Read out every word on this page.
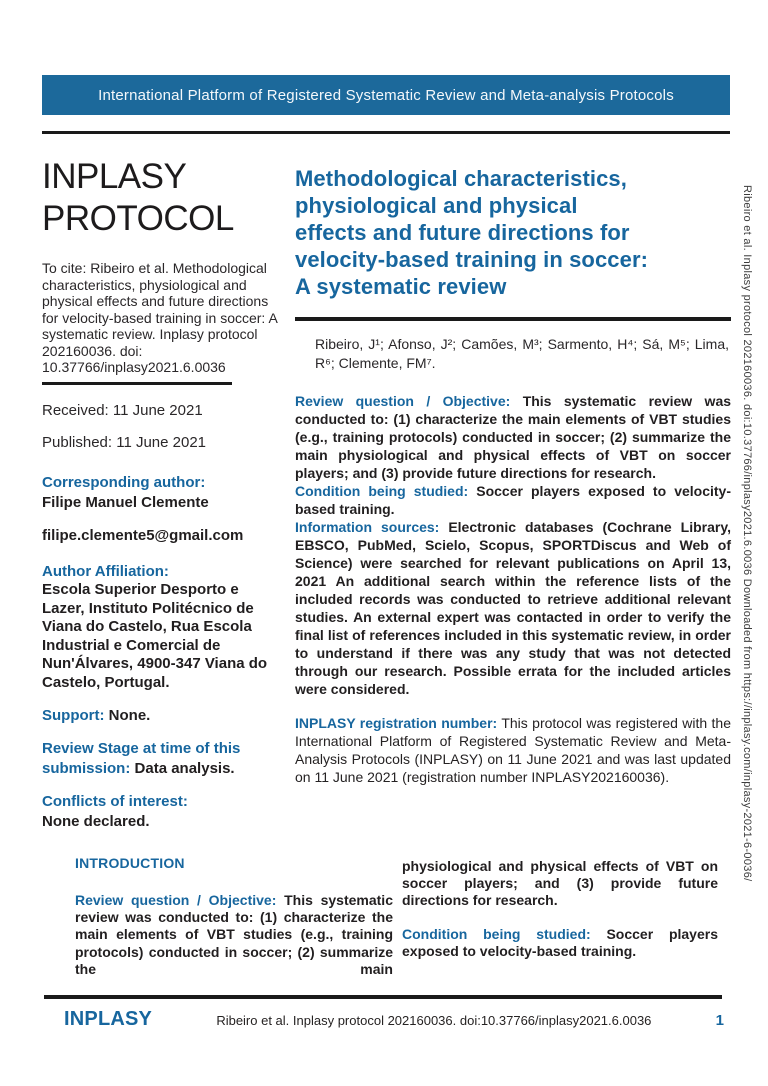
International Platform of Registered Systematic Review and Meta-analysis Protocols
INPLASY
PROTOCOL

To cite: Ribeiro et al. Methodological characteristics, physiological and physical effects and future directions for velocity-based training in soccer: A systematic review. Inplasy protocol 202160036. doi: 10.37766/inplasy2021.6.0036

Received: 11 June 2021

Published: 11 June 2021

Corresponding author:
Filipe Manuel Clemente

filipe.clemente5@gmail.com

Author Affiliation:
Escola Superior Desporto e Lazer, Instituto Politécnico de Viana do Castelo, Rua Escola Industrial e Comercial de Nun'Álvares, 4900-347 Viana do Castelo, Portugal.

Support: None.

Review Stage at time of this submission: Data analysis.

Conflicts of interest:
None declared.

Methodological characteristics,
physiological and physical
effects and future directions for
velocity-based training in soccer:
A systematic review

Ribeiro, J¹; Afonso, J²; Camões, M³; Sarmento, H⁴; Sá, M⁵; Lima, R⁶; Clemente, FM⁷.

Review question / Objective: This systematic review was conducted to: (1) characterize the main elements of VBT studies (e.g., training protocols) conducted in soccer; (2) summarize the main physiological and physical effects of VBT on soccer players; and (3) provide future directions for research.

Condition being studied: Soccer players exposed to velocity-based training.

Information sources: Electronic databases (Cochrane Library, EBSCO, PubMed, Scielo, Scopus, SPORTDiscus and Web of Science) were searched for relevant publications on April 13, 2021 An additional search within the reference lists of the included records was conducted to retrieve additional relevant studies. An external expert was contacted in order to verify the final list of references included in this systematic review, in order to understand if there was any study that was not detected through our research. Possible errata for the included articles were considered.

INPLASY registration number: This protocol was registered with the International Platform of Registered Systematic Review and Meta-Analysis Protocols (INPLASY) on 11 June 2021 and was last updated on 11 June 2021 (registration number INPLASY202160036).

INTRODUCTION

Review question / Objective: This systematic review was conducted to: (1) characterize the main elements of VBT studies (e.g., training protocols) conducted in soccer; (2) summarize the main

physiological and physical effects of VBT on soccer players; and (3) provide future directions for research.

Condition being studied: Soccer players exposed to velocity-based training.

INPLASY	Ribeiro et al. Inplasy protocol 202160036. doi:10.37766/inplasy2021.6.0036	1
Ribeiro et al. Inplasy protocol 202160036. doi:10.37766/inplasy2021.6.0036 Downloaded from https://inplasy.com/inplasy-2021-6-0036/
